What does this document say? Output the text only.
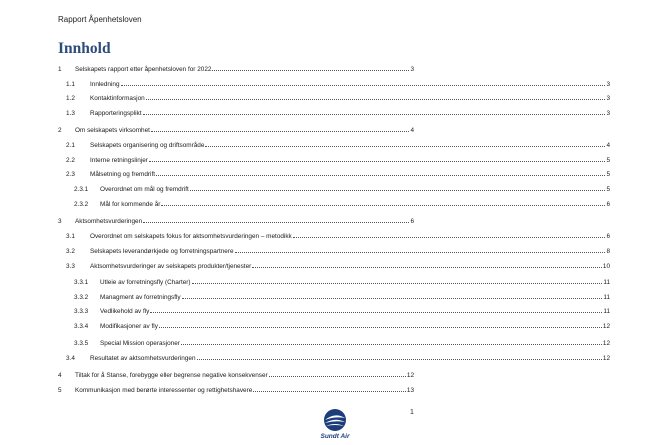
Rapport Åpenhetsloven
Innhold
1 Selskapets rapport etter åpenhetsloven for 2022	3
1.1 Innledning	3
1.2 Kontaktinformasjon	3
1.3 Rapporteringsplikt	3
2 Om selskapets virksomhet	4
2.1 Selskapets organisering og driftsområde	4
2.2 Interne retningslinjer	5
2.3 Målsetning og fremdrift	5
2.3.1 Overordnet om mål og fremdrift	5
2.3.2 Mål for kommende år	6
3 Aktsomhetsvurderingen	6
3.1 Overordnet om selskapets fokus for aktsomhetsvurderingen – metodikk	6
3.2 Selskapets leverandørkjede og forretningspartnere	8
3.3 Aktsomhetsvurderinger av selskapets produkter/tjenester	10
3.3.1 Utleie av forretningsfly (Charter)	11
3.3.2 Managment av forretningsfly	11
3.3.3 Vedlikehold av fly	11
3.3.4 Modifikasjoner av fly	12
3.3.5 Special Mission operasjoner	12
3.4 Resultatet av aktsomhetsvurderingen	12
4 Tiltak for å Stanse, forebygge eller begrense negative konsekvenser	12
5 Kommunikasjon med berørte interessenter og rettighetshavere	13
1
Sundt Air
